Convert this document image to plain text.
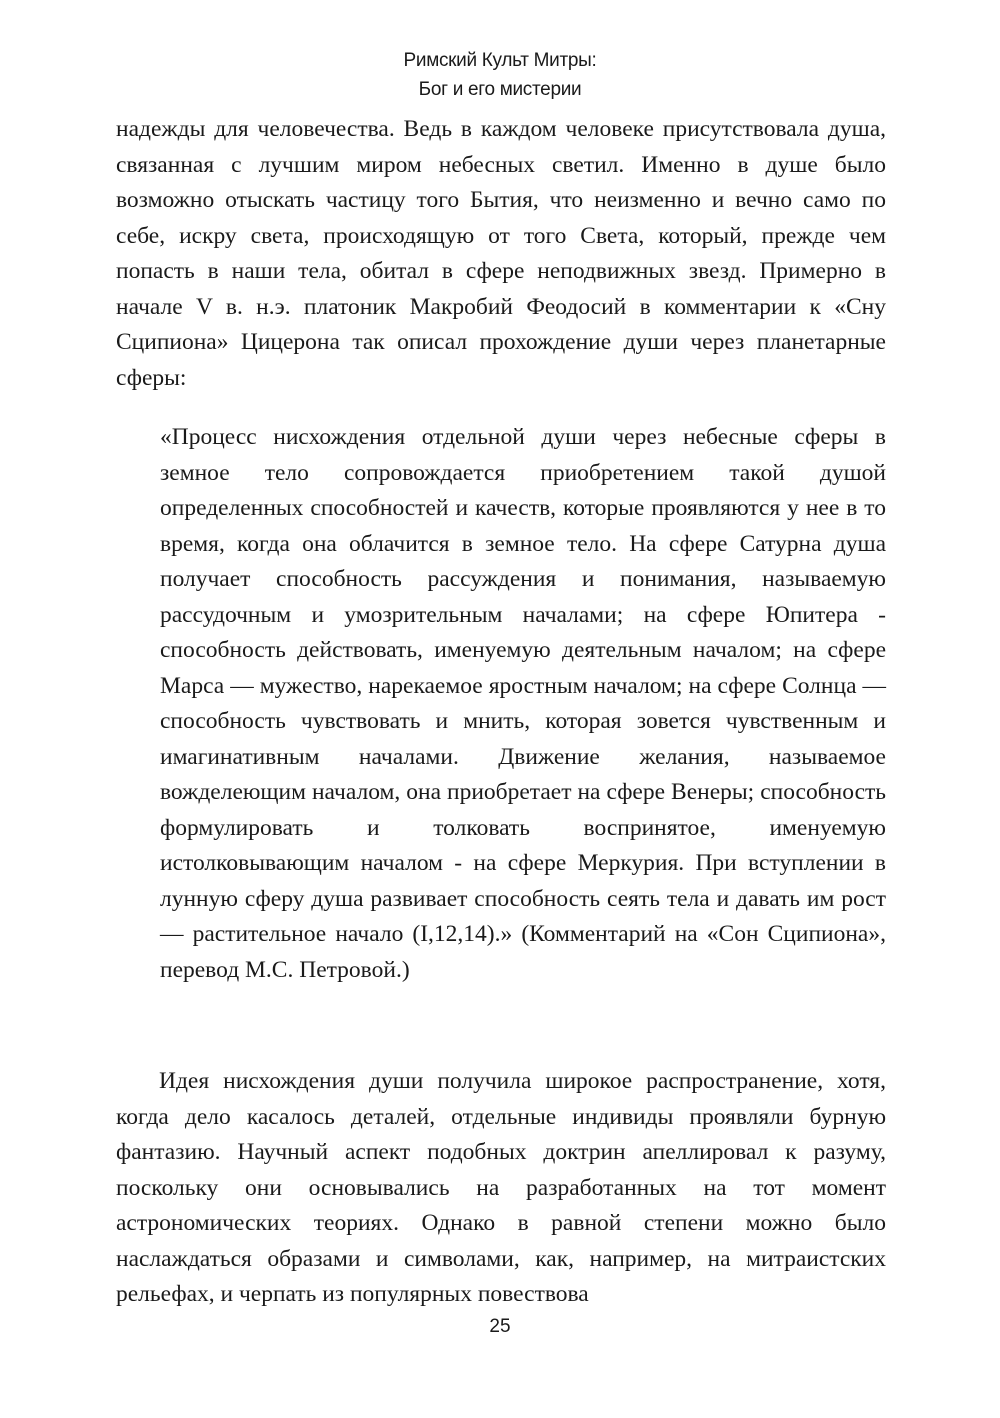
Римский Культ Митры:
Бог и его мистерии

надежды для человечества. Ведь в каждом человеке присутствовала душа, связанная с лучшим миром небесных светил. Именно в душе было возможно отыскать частицу того Бытия, что неизменно и вечно само по себе, искру света, происходящую от того Света, который, прежде чем попасть в наши тела, обитал в сфере неподвижных звезд. Примерно в начале V в. н.э. платоник Макробий Феодосий в комментарии к «Сну Сципиона» Цицерона так описал прохождение души через планетарные сферы:

«Процесс нисхождения отдельной души через небесные сферы в земное тело сопровождается приобретением такой душой определенных способностей и качеств, которые проявляются у нее в то время, когда она облачится в земное тело. На сфере Сатурна душа получает способность рассуждения и понимания, называемую рассудочным и умозрительным началами; на сфере Юпитера - способность действовать, именуемую деятельным началом; на сфере Марса — мужество, нарекаемое яростным началом; на сфере Солнца — способность чувствовать и мнить, которая зовется чувственным и имагинативным началами. Движение желания, называемое вожделеющим началом, она приобретает на сфере Венеры; способность формулировать и толковать воспринятое, именуемую истолковывающим началом - на сфере Меркурия. При вступлении в лунную сферу душа развивает способность сеять тела и давать им рост — растительное начало (I,12,14).» (Комментарий на «Сон Сципиона», перевод М.С. Петровой.)

Идея нисхождения души получила широкое распространение, хотя, когда дело касалось деталей, отдельные индивиды проявляли бурную фантазию. Научный аспект подобных доктрин апеллировал к разуму, поскольку они основывались на разработанных на тот момент астрономических теориях. Однако в равной степени можно было наслаждаться образами и символами, как, например, на митраистских рельефах, и черпать из популярных повествова

25
